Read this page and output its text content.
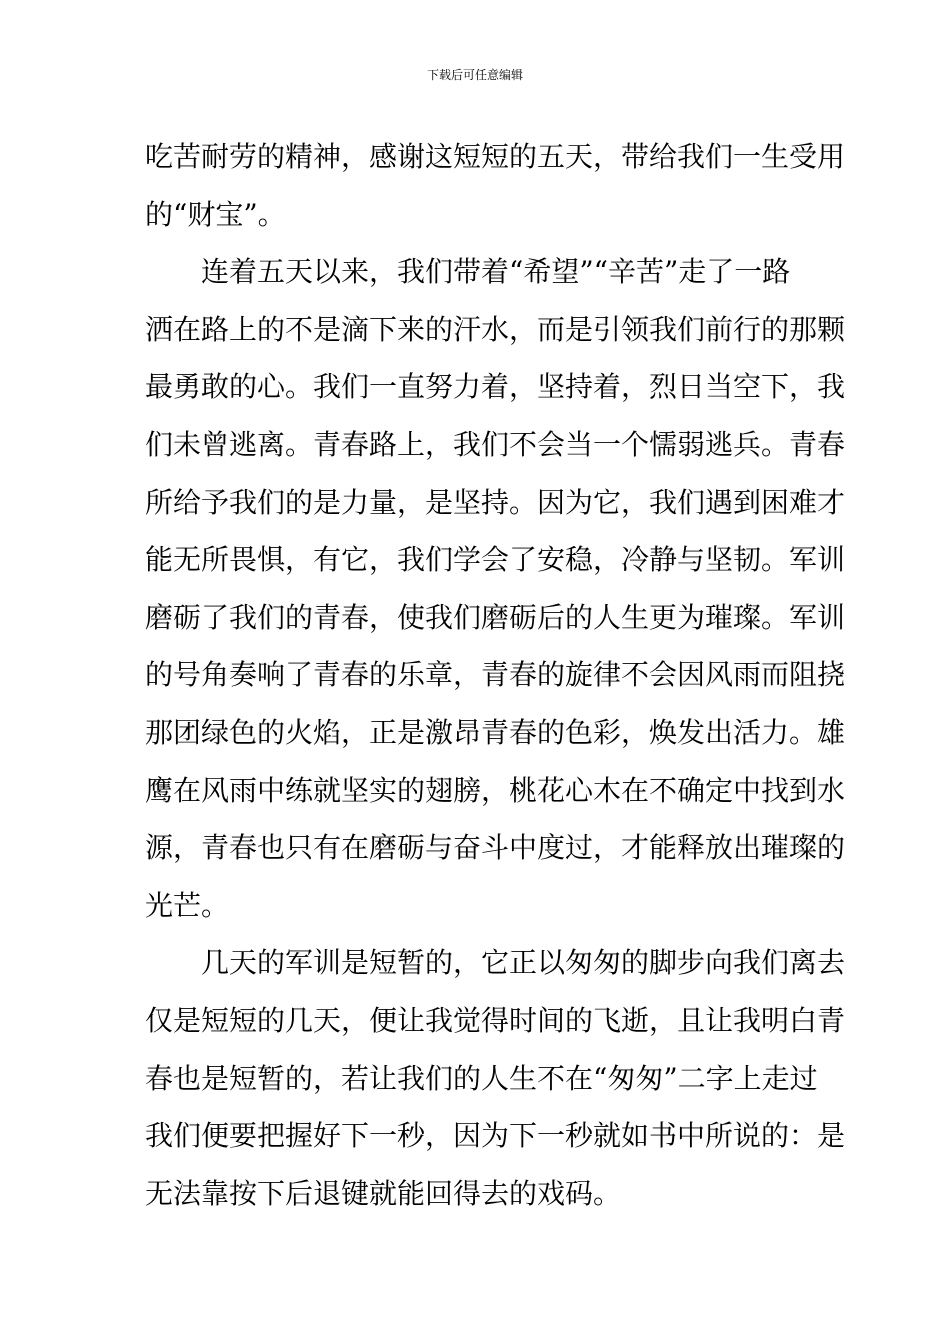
下载后可任意编辑
吃苦耐劳的精神，感谢这短短的五天，带给我们一生受用
的“财宝”。
连着五天以来，我们带着“希望”“辛苦”走了一路
洒在路上的不是滴下来的汗水，而是引领我们前行的那颗
最勇敢的心。我们一直努力着，坚持着，烈日当空下，我
们未曾逃离。青春路上，我们不会当一个懦弱逃兵。青春
所给予我们的是力量，是坚持。因为它，我们遇到困难才
能无所畏惧，有它，我们学会了安稳，冷静与坚韧。军训
磨砺了我们的青春，使我们磨砺后的人生更为璀璨。军训
的号角奏响了青春的乐章，青春的旋律不会因风雨而阻挠
那团绿色的火焰，正是激昂青春的色彩，焕发出活力。雄
鹰在风雨中练就坚实的翅膀，桃花心木在不确定中找到水
源，青春也只有在磨砺与奋斗中度过，才能释放出璀璨的
光芒。
几天的军训是短暂的，它正以匆匆的脚步向我们离去
仅是短短的几天，便让我觉得时间的飞逝，且让我明白青
春也是短暂的，若让我们的人生不在“匆匆”二字上走过
我们便要把握好下一秒，因为下一秒就如书中所说的：是
无法靠按下后退键就能回得去的戏码。
